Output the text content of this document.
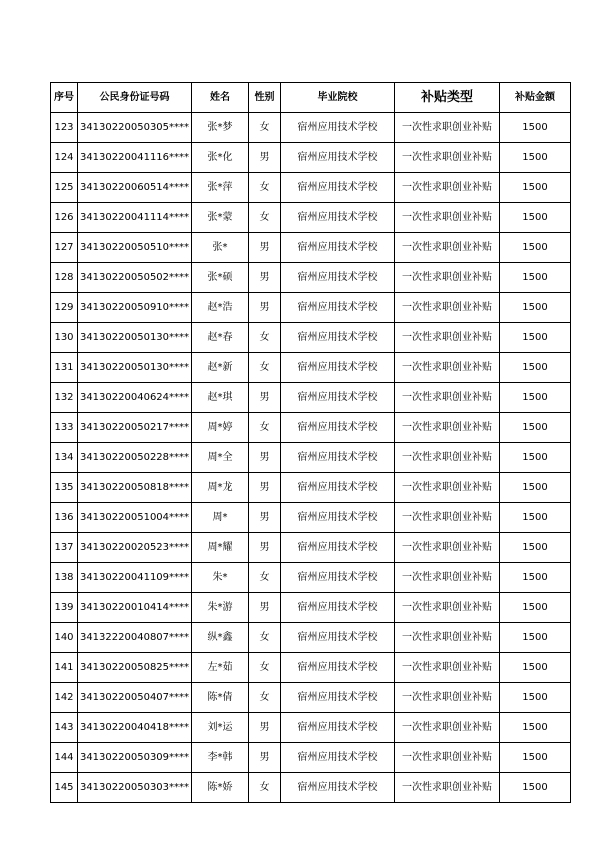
序号	公民身份证号码	姓名	性别	毕业院校	补贴类型	补贴金额
123	34130220050305****	张*梦	女	宿州应用技术学校	一次性求职创业补贴	1500
124	34130220041116****	张*化	男	宿州应用技术学校	一次性求职创业补贴	1500
125	34130220060514****	张*萍	女	宿州应用技术学校	一次性求职创业补贴	1500
126	34130220041114****	张*蒙	女	宿州应用技术学校	一次性求职创业补贴	1500
127	34130220050510****	张*	男	宿州应用技术学校	一次性求职创业补贴	1500
128	34130220050502****	张*硕	男	宿州应用技术学校	一次性求职创业补贴	1500
129	34130220050910****	赵*浩	男	宿州应用技术学校	一次性求职创业补贴	1500
130	34130220050130****	赵*春	女	宿州应用技术学校	一次性求职创业补贴	1500
131	34130220050130****	赵*新	女	宿州应用技术学校	一次性求职创业补贴	1500
132	34130220040624****	赵*琪	男	宿州应用技术学校	一次性求职创业补贴	1500
133	34130220050217****	周*婷	女	宿州应用技术学校	一次性求职创业补贴	1500
134	34130220050228****	周*全	男	宿州应用技术学校	一次性求职创业补贴	1500
135	34130220050818****	周*龙	男	宿州应用技术学校	一次性求职创业补贴	1500
136	34130220051004****	周*	男	宿州应用技术学校	一次性求职创业补贴	1500
137	34130220020523****	周*耀	男	宿州应用技术学校	一次性求职创业补贴	1500
138	34130220041109****	朱*	女	宿州应用技术学校	一次性求职创业补贴	1500
139	34130220010414****	朱*游	男	宿州应用技术学校	一次性求职创业补贴	1500
140	34132220040807****	纵*鑫	女	宿州应用技术学校	一次性求职创业补贴	1500
141	34130220050825****	左*茹	女	宿州应用技术学校	一次性求职创业补贴	1500
142	34130220050407****	陈*倩	女	宿州应用技术学校	一次性求职创业补贴	1500
143	34130220040418****	刘*运	男	宿州应用技术学校	一次性求职创业补贴	1500
144	34130220050309****	李*韩	男	宿州应用技术学校	一次性求职创业补贴	1500
145	34130220050303****	陈*娇	女	宿州应用技术学校	一次性求职创业补贴	1500
